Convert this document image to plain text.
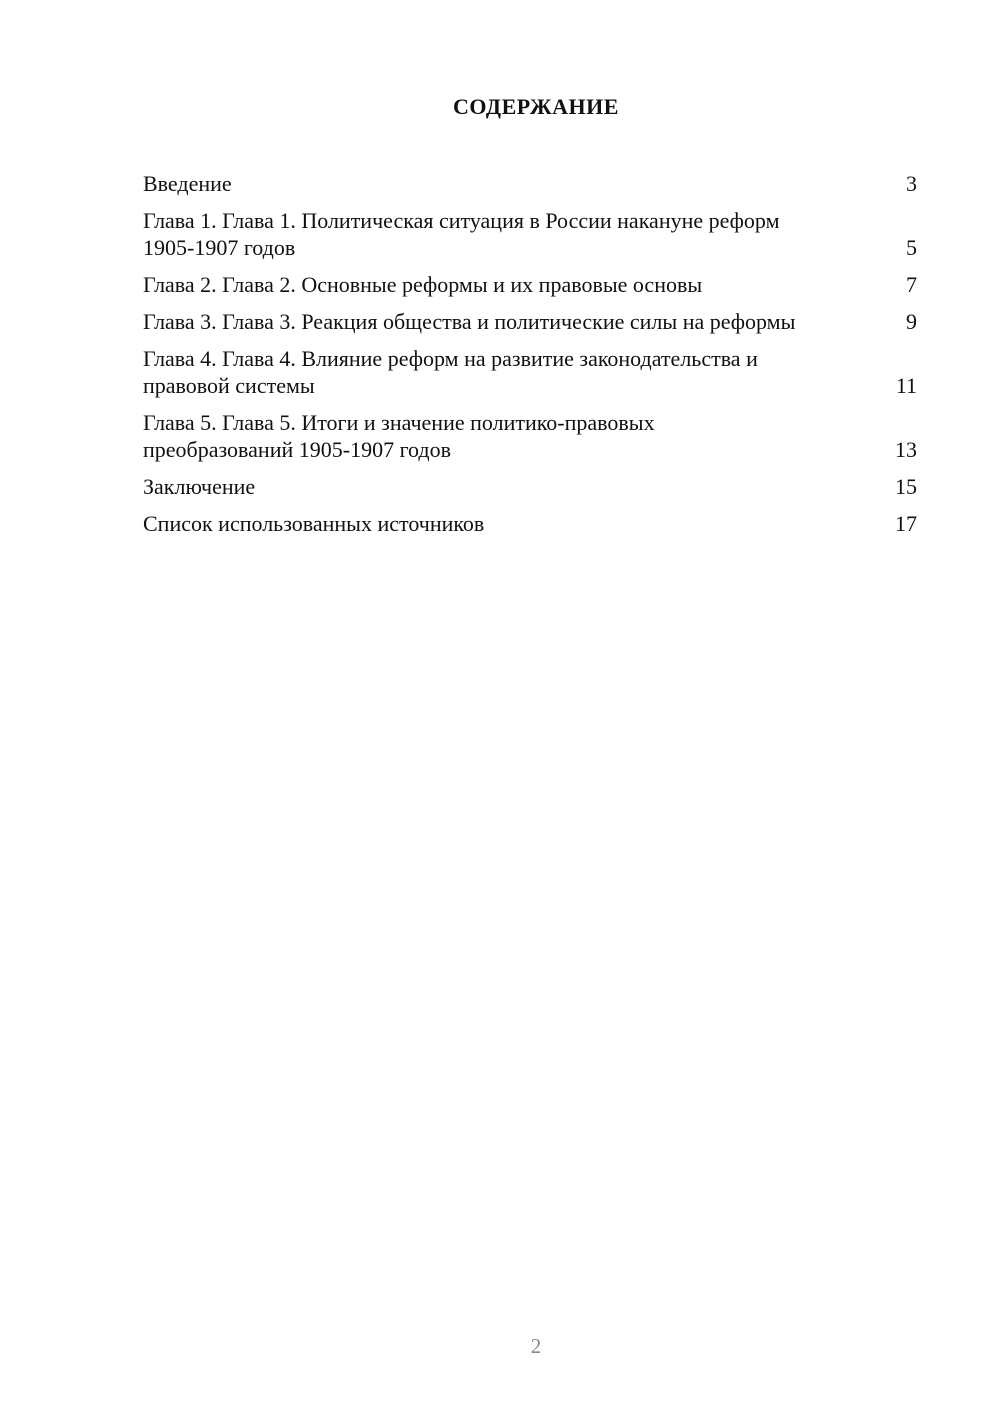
СОДЕРЖАНИЕ
Введение	3
Глава 1. Глава 1. Политическая ситуация в России накануне реформ 1905-1907 годов	5
Глава 2. Глава 2. Основные реформы и их правовые основы	7
Глава 3. Глава 3. Реакция общества и политические силы на реформы	9
Глава 4. Глава 4. Влияние реформ на развитие законодательства и правовой системы	11
Глава 5. Глава 5. Итоги и значение политико-правовых преобразований 1905-1907 годов	13
Заключение	15
Список использованных источников	17
2
